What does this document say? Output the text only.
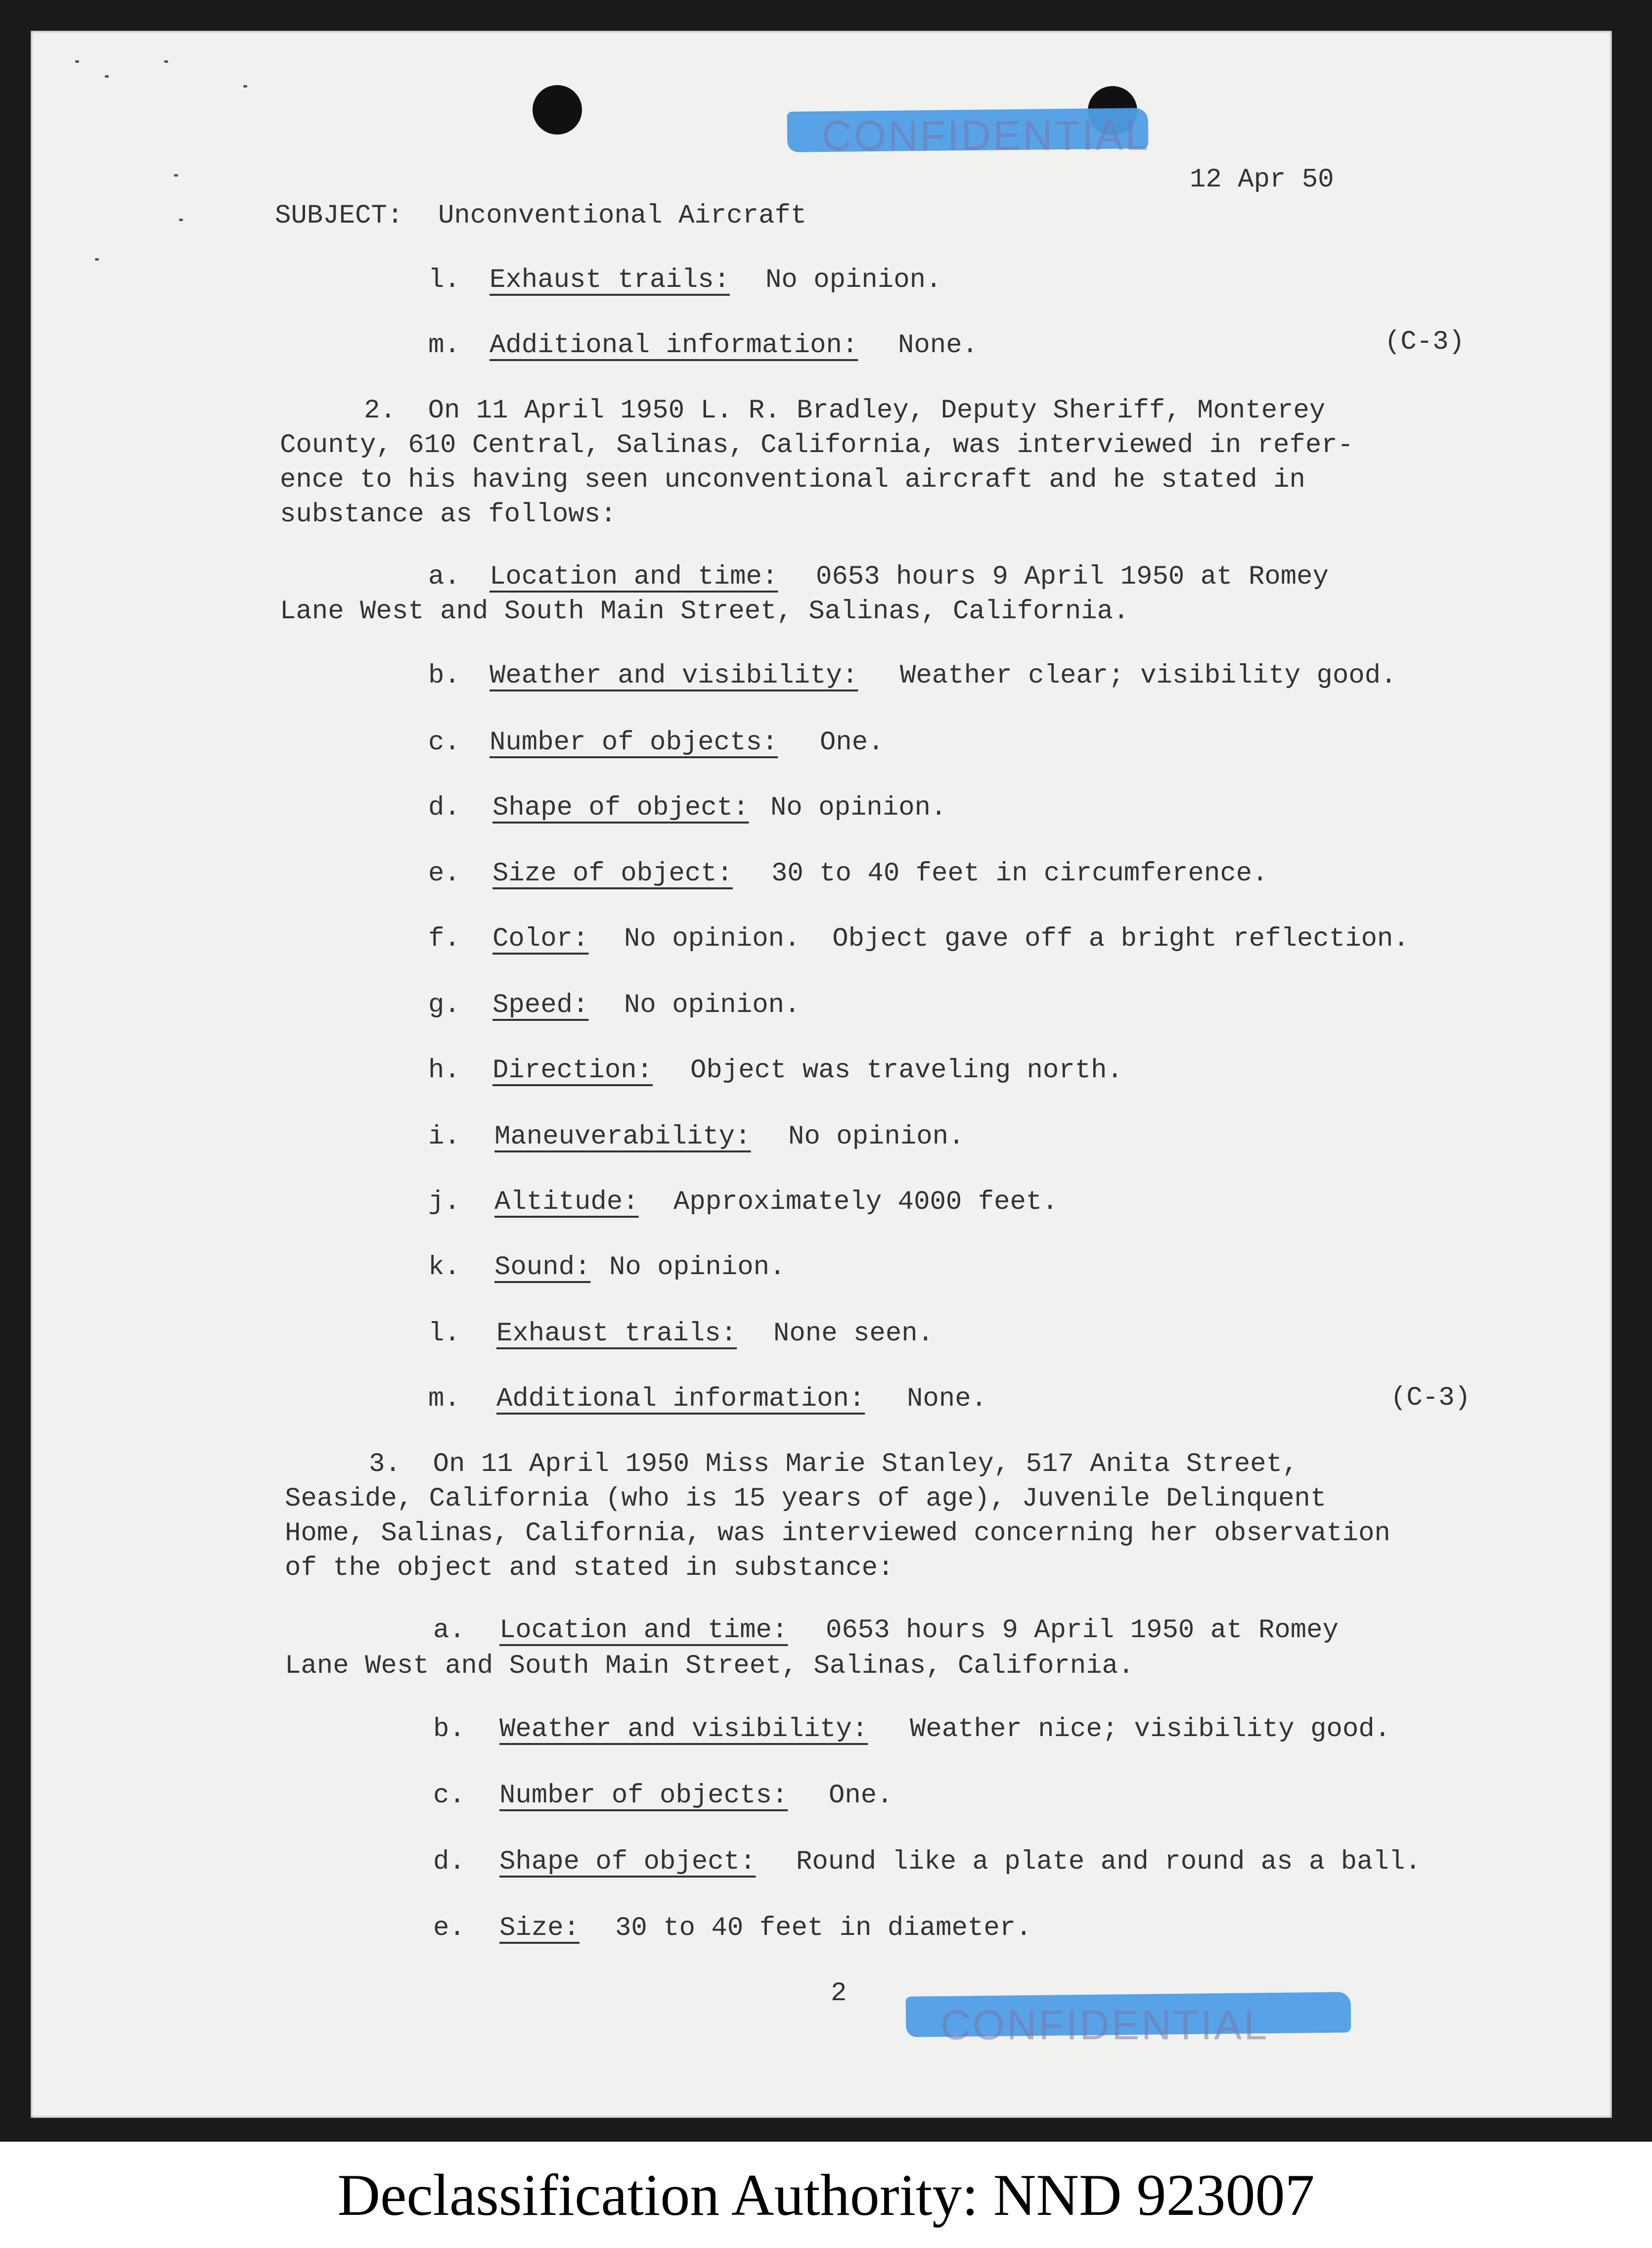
CONFIDENTIAL
CONFIDENTIAL
12 Apr 50
SUBJECT: Unconventional Aircraft
l. Exhaust trails: No opinion.
m. Additional information: None.	(C-3)
2.  On 11 April 1950 L. R. Bradley, Deputy Sheriff, Monterey
County, 610 Central, Salinas, California, was interviewed in refer-
ence to his having seen unconventional aircraft and he stated in
substance as follows:
a. Location and time: 0653 hours 9 April 1950 at Romey
Lane West and South Main Street, Salinas, California.
b. Weather and visibility: Weather clear; visibility good.
c. Number of objects: One.
d. Shape of object: No opinion.
e. Size of object: 30 to 40 feet in circumference.
f. Color: No opinion.  Object gave off a bright reflection.
g. Speed: No opinion.
h. Direction: Object was traveling north.
i. Maneuverability: No opinion.
j. Altitude: Approximately 4000 feet.
k. Sound: No opinion.
l. Exhaust trails: None seen.
m. Additional information: None.	(C-3)
3.  On 11 April 1950 Miss Marie Stanley, 517 Anita Street,
Seaside, California (who is 15 years of age), Juvenile Delinquent
Home, Salinas, California, was interviewed concerning her observation
of the object and stated in substance:
a. Location and time: 0653 hours 9 April 1950 at Romey
Lane West and South Main Street, Salinas, California.
b. Weather and visibility: Weather nice; visibility good.
c. Number of objects: One.
d. Shape of object: Round like a plate and round as a ball.
e. Size: 30 to 40 feet in diameter.
2
Declassification Authority: NND 923007
